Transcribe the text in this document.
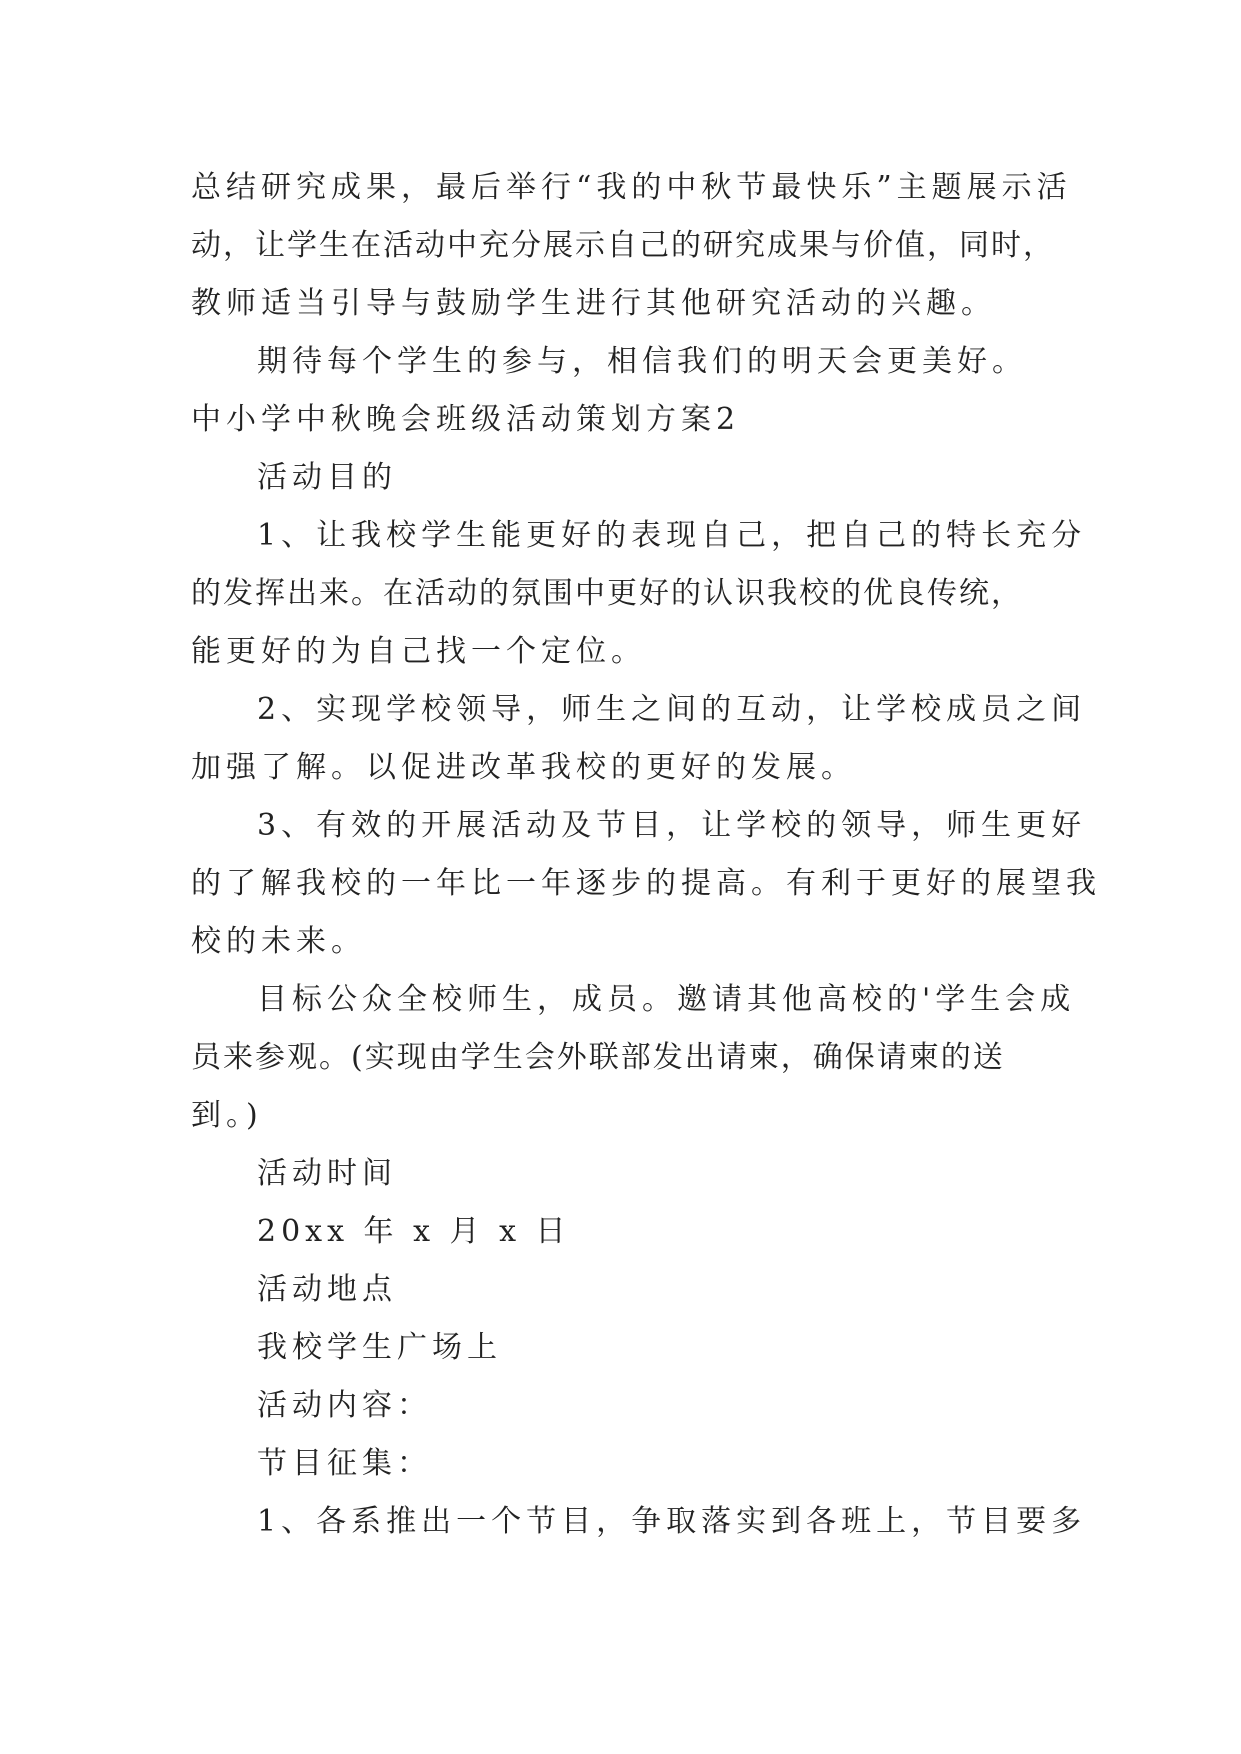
总结研究成果，最后举行“我的中秋节最快乐”主题展示活
动，让学生在活动中充分展示自己的研究成果与价值，同时，
教师适当引导与鼓励学生进行其他研究活动的兴趣。
期待每个学生的参与，相信我们的明天会更美好。
中小学中秋晚会班级活动策划方案2
活动目的
1、让我校学生能更好的表现自己，把自己的特长充分
的发挥出来。在活动的氛围中更好的认识我校的优良传统，
能更好的为自己找一个定位。
2、实现学校领导，师生之间的互动，让学校成员之间
加强了解。以促进改革我校的更好的发展。
3、有效的开展活动及节目，让学校的领导，师生更好
的了解我校的一年比一年逐步的提高。有利于更好的展望我
校的未来。
目标公众全校师生，成员。邀请其他高校的'学生会成
员来参观。(实现由学生会外联部发出请柬，确保请柬的送
到。)
活动时间
20xx 年 x 月 x 日
活动地点
我校学生广场上
活动内容：
节目征集：
1、各系推出一个节目，争取落实到各班上，节目要多
